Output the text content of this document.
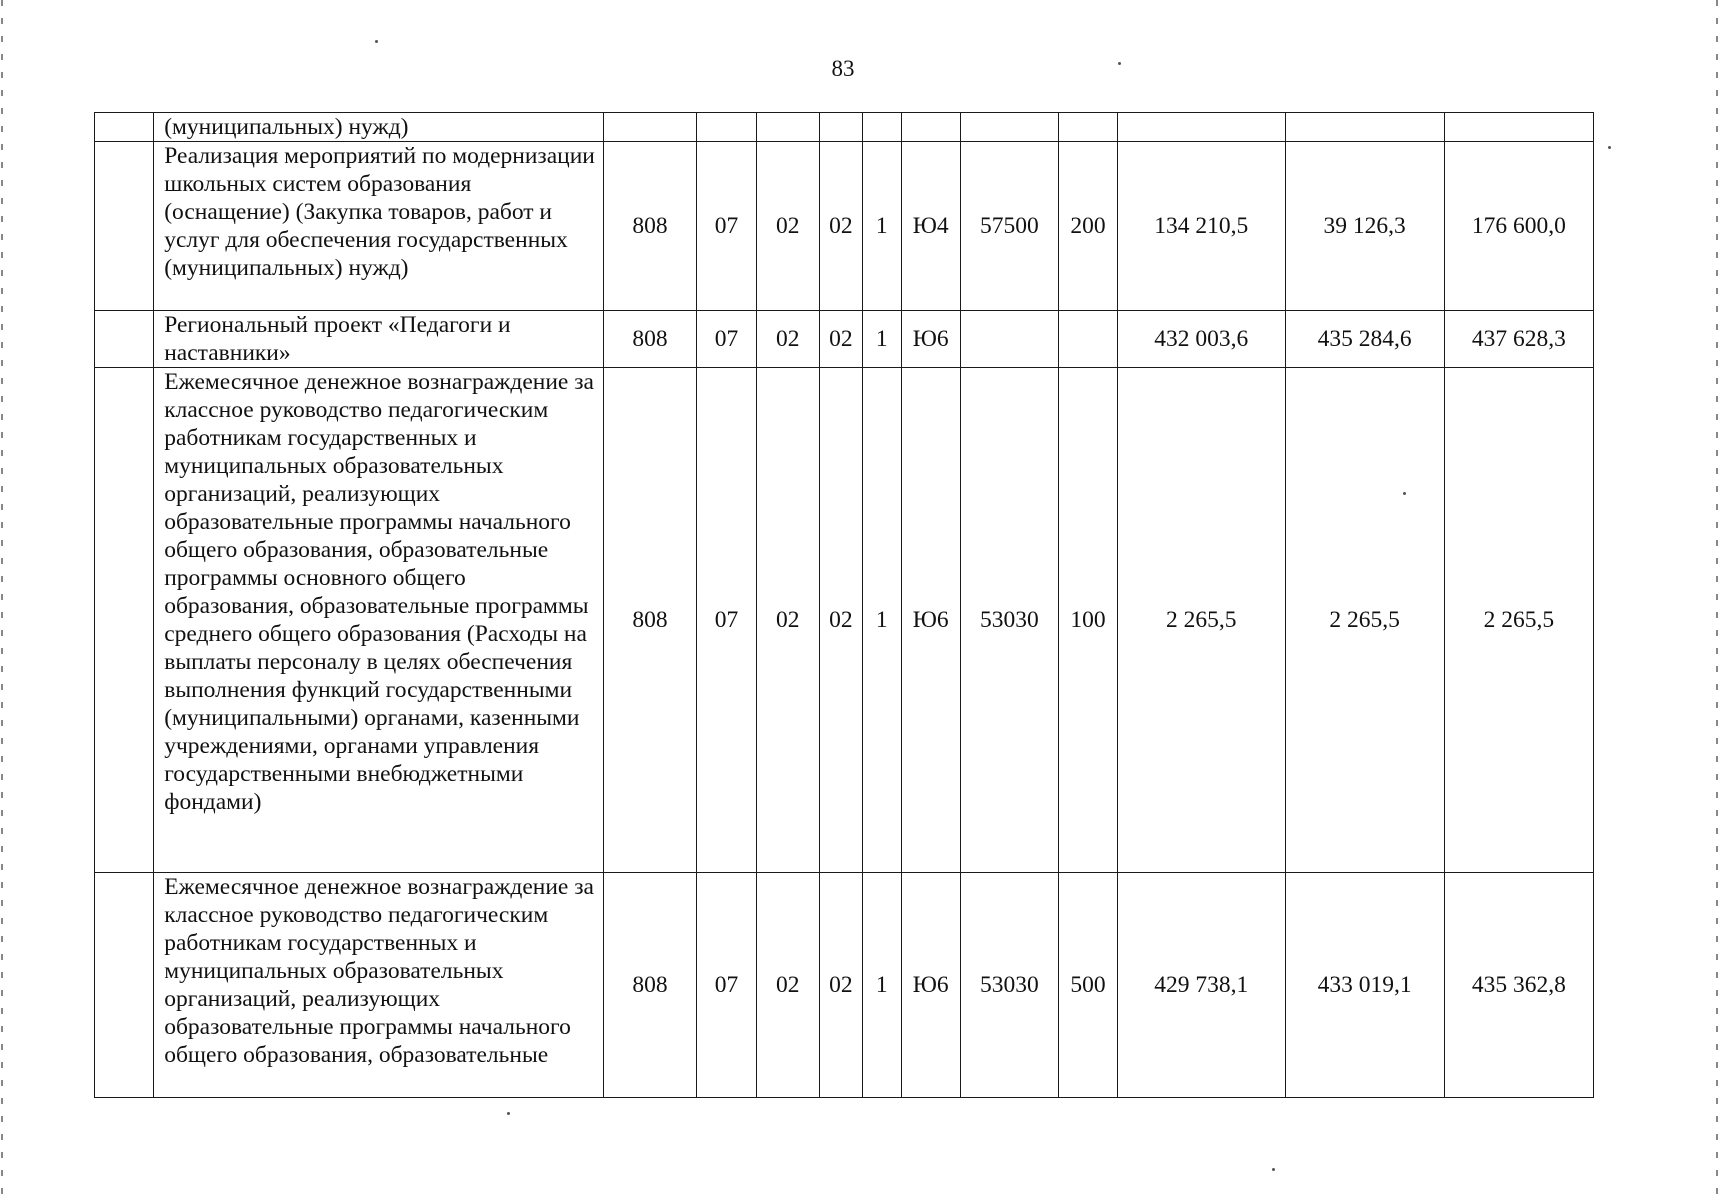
83
	(муниципальных) нужд)											
	Реализация мероприятий по модернизации школьных систем образования (оснащение) (Закупка товаров, работ и услуг для обеспечения государственных (муниципальных) нужд)	808	07	02	02	1	Ю4	57500	200	134 210,5	39 126,3	176 600,0
	Региональный проект «Педагоги и наставники»	808	07	02	02	1	Ю6			432 003,6	435 284,6	437 628,3
	Ежемесячное денежное вознаграждение за классное руководство педагогическим работникам государственных и муниципальных образовательных организаций, реализующих образовательные программы начального общего образования, образовательные программы основного общего образования, образовательные программы среднего общего образования (Расходы на выплаты персоналу в целях обеспечения выполнения функций государственными (муниципальными) органами, казенными учреждениями, органами управления государственными внебюджетными фондами)	808	07	02	02	1	Ю6	53030	100	2 265,5	2 265,5	2 265,5
	Ежемесячное денежное вознаграждение за классное руководство педагогическим работникам государственных и муниципальных образовательных организаций, реализующих образовательные программы начального общего образования, образовательные	808	07	02	02	1	Ю6	53030	500	429 738,1	433 019,1	435 362,8
